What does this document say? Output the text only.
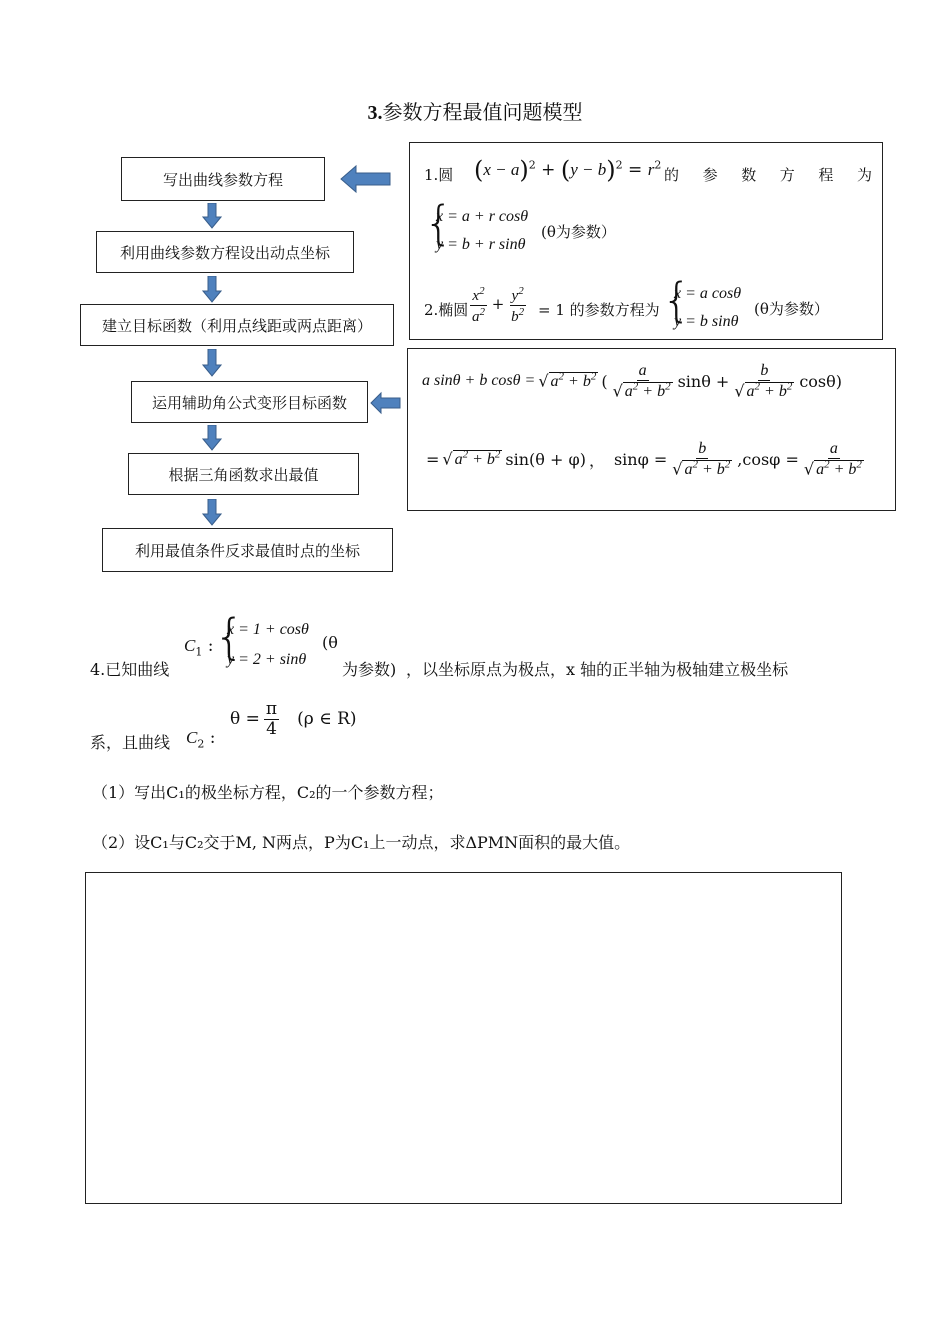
3.参数方程最值问题模型
写出曲线参数方程
利用曲线参数方程设出动点坐标
建立目标函数（利用点线距或两点距离）
运用辅助角公式变形目标函数
根据三角函数求出最值
利用最值条件反求最值时点的坐标
1.圆 $(x - a)^2 + (y - b)^2 = r^2$
的 参 数 方 程 为
{
x = a + r cosθ
y = b + r sinθ
(θ为参数）
2.椭圆 $\frac{x^2}{a^2} + \frac{y^2}{b^2} = 1$ 的参数方程为 {
x = a cosθ
y = b sinθ
(θ为参数）
a sinθ + b cosθ = √ $a^2 + b^2$ ( $\frac{a}{√ a^2 + b^2}$ $\sin\theta + \frac{b}{√ a^2 + b^2} \cos\theta$)
= √ $a^2 + b^2$ sin(θ + φ) ， $\sin\varphi = \frac{b}{√ a^2 + b^2} ,\cos\varphi = \frac{a}{√ a^2 + b^2}$
4.已知曲线
$C_1$ : {
x = 1 + cosθ
y = 2 + sinθ
(θ
为参数) ，以坐标原点为极点，x 轴的正半轴为极轴建立极坐标
系，且曲线 $C_2$ :
$\theta = \frac{\pi}{4} (\rho$ ∈ R)
（1）写出C₁的极坐标方程，C₂的一个参数方程；
（2）设C₁与C₂交于M, N两点，P为C₁上一动点，求ΔPMN面积的最大值。
